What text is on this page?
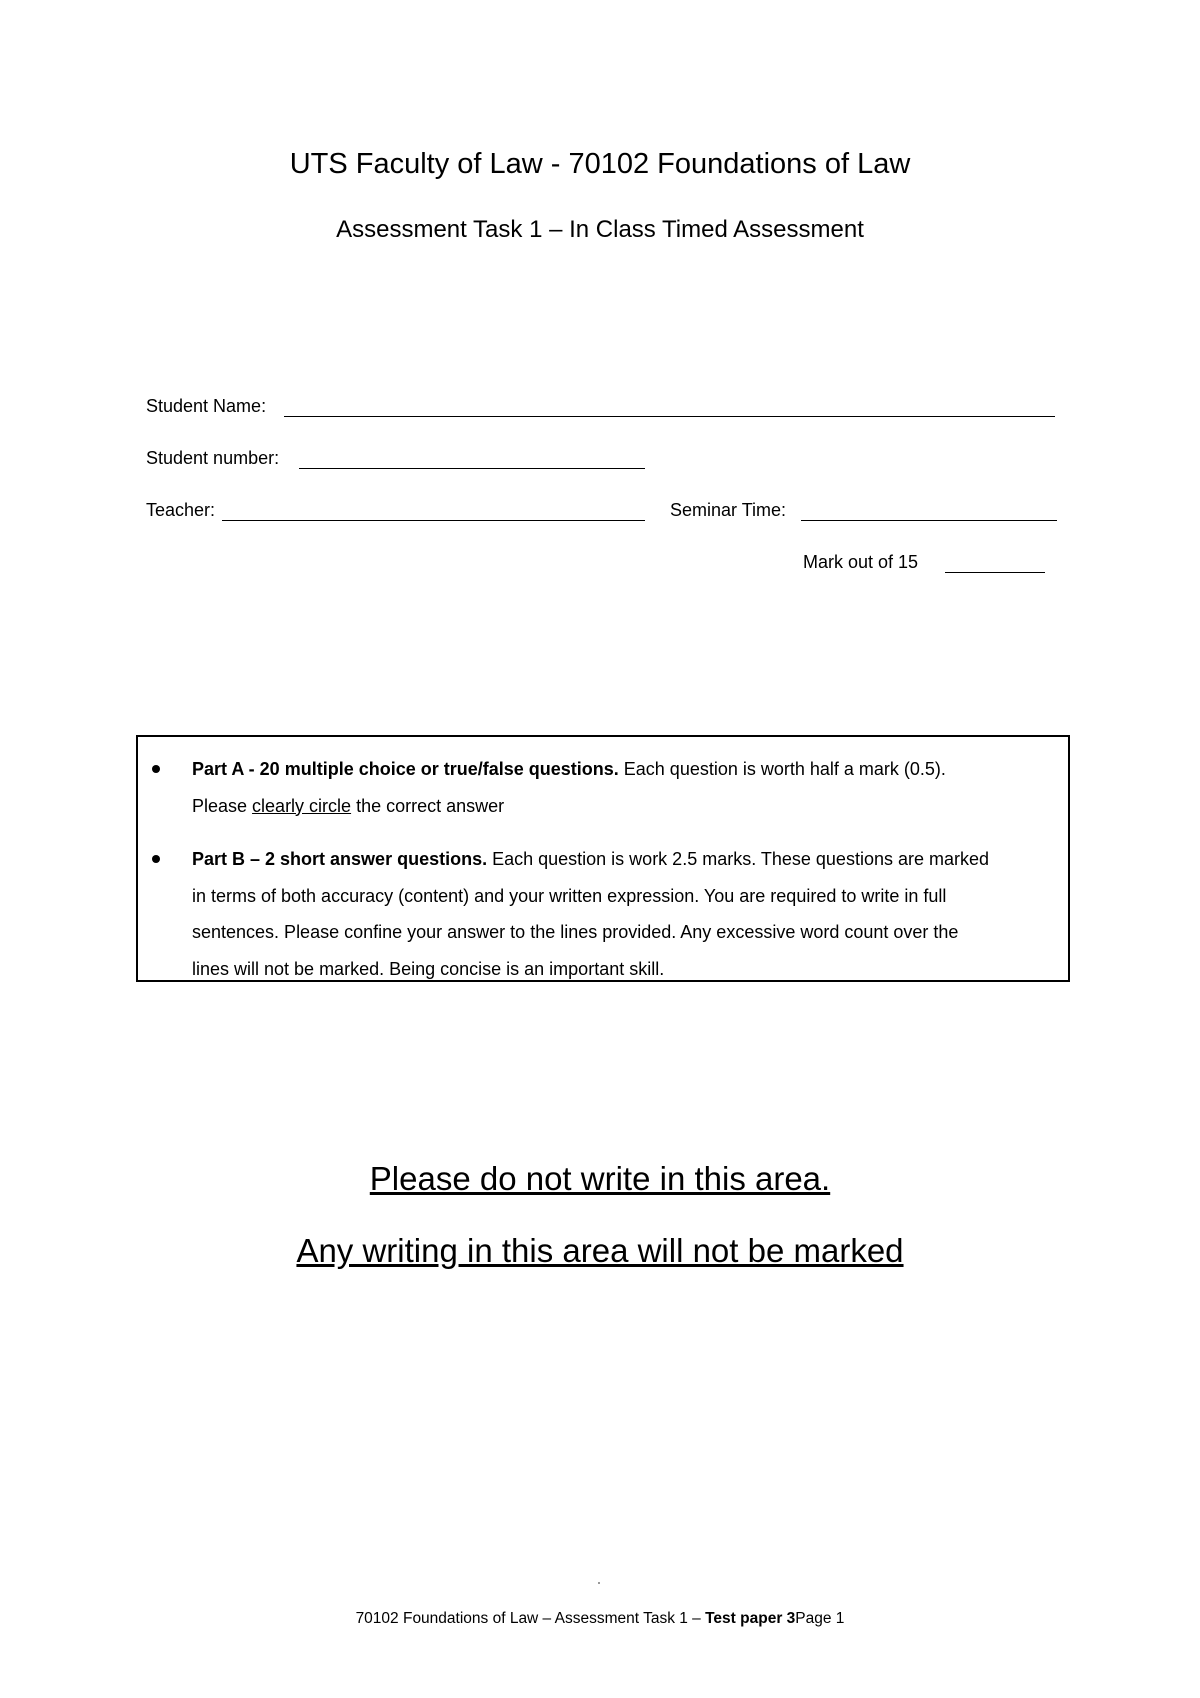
UTS Faculty of Law - 70102 Foundations of Law
Assessment Task 1 – In Class Timed Assessment
Student Name:
Student number:
Teacher:	Seminar Time:
Mark out of 15
Part A - 20 multiple choice or true/false questions. Each question is worth half a mark (0.5).
Please clearly circle the correct answer
Part B – 2 short answer questions. Each question is work 2.5 marks. These questions are marked
in terms of both accuracy (content) and your written expression. You are required to write in full
sentences. Please confine your answer to the lines provided. Any excessive word count over the
lines will not be marked. Being concise is an important skill.
Please do not write in this area.
Any writing in this area will not be marked
70102 Foundations of Law – Assessment Task 1 – Test paper 3Page 1
